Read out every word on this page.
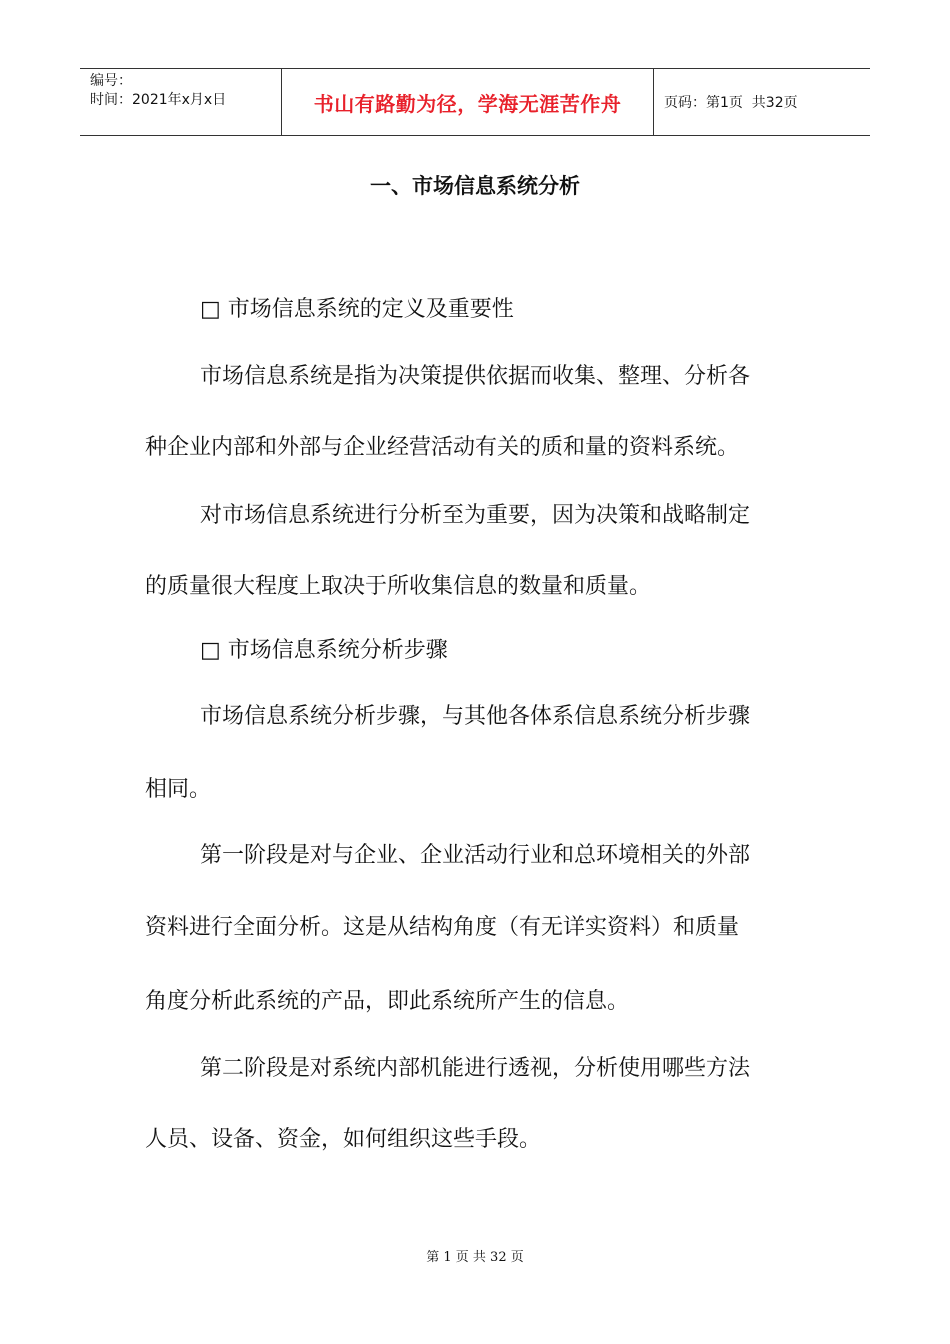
编号：
时间：2021年x月x日	书山有路勤为径，学海无涯苦作舟	页码：第1页  共32页
一、市场信息系统分析
□ 市场信息系统的定义及重要性
市场信息系统是指为决策提供依据而收集、整理、分析各
种企业内部和外部与企业经营活动有关的质和量的资料系统。
对市场信息系统进行分析至为重要，因为决策和战略制定
的质量很大程度上取决于所收集信息的数量和质量。
□ 市场信息系统分析步骤
市场信息系统分析步骤，与其他各体系信息系统分析步骤
相同。
第一阶段是对与企业、企业活动行业和总环境相关的外部
资料进行全面分析。这是从结构角度（有无详实资料）和质量
角度分析此系统的产品，即此系统所产生的信息。
第二阶段是对系统内部机能进行透视，分析使用哪些方法
人员、设备、资金，如何组织这些手段。
第 1 页 共 32 页
